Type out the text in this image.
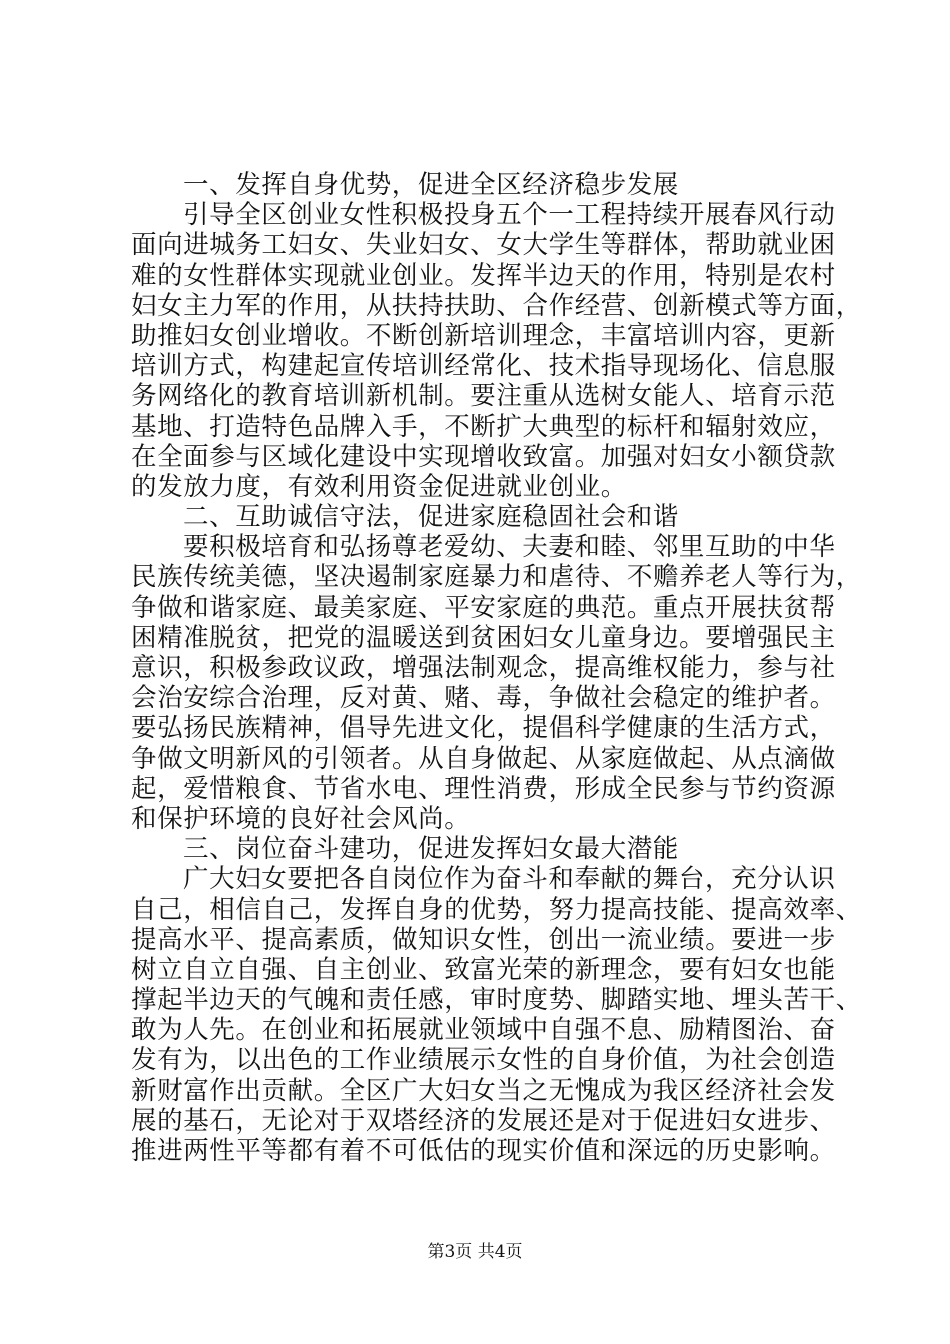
一、发挥自身优势，促进全区经济稳步发展
引导全区创业女性积极投身五个一工程持续开展春风行动
面向进城务工妇女、失业妇女、女大学生等群体，帮助就业困
难的女性群体实现就业创业。发挥半边天的作用，特别是农村
妇女主力军的作用，从扶持扶助、合作经营、创新模式等方面，
助推妇女创业增收。不断创新培训理念，丰富培训内容，更新
培训方式，构建起宣传培训经常化、技术指导现场化、信息服
务网络化的教育培训新机制。要注重从选树女能人、培育示范
基地、打造特色品牌入手，不断扩大典型的标杆和辐射效应，
在全面参与区域化建设中实现增收致富。加强对妇女小额贷款
的发放力度，有效利用资金促进就业创业。
二、互助诚信守法，促进家庭稳固社会和谐
要积极培育和弘扬尊老爱幼、夫妻和睦、邻里互助的中华
民族传统美德，坚决遏制家庭暴力和虐待、不赡养老人等行为，
争做和谐家庭、最美家庭、平安家庭的典范。重点开展扶贫帮
困精准脱贫，把党的温暖送到贫困妇女儿童身边。要增强民主
意识，积极参政议政，增强法制观念，提高维权能力，参与社
会治安综合治理，反对黄、赌、毒，争做社会稳定的维护者。
要弘扬民族精神，倡导先进文化，提倡科学健康的生活方式，
争做文明新风的引领者。从自身做起、从家庭做起、从点滴做
起，爱惜粮食、节省水电、理性消费，形成全民参与节约资源
和保护环境的良好社会风尚。
三、岗位奋斗建功，促进发挥妇女最大潜能
广大妇女要把各自岗位作为奋斗和奉献的舞台，充分认识
自己，相信自己，发挥自身的优势，努力提高技能、提高效率、
提高水平、提高素质，做知识女性，创出一流业绩。要进一步
树立自立自强、自主创业、致富光荣的新理念，要有妇女也能
撑起半边天的气魄和责任感，审时度势、脚踏实地、埋头苦干、
敢为人先。在创业和拓展就业领域中自强不息、励精图治、奋
发有为，以出色的工作业绩展示女性的自身价值，为社会创造
新财富作出贡献。全区广大妇女当之无愧成为我区经济社会发
展的基石，无论对于双塔经济的发展还是对于促进妇女进步、
推进两性平等都有着不可低估的现实价值和深远的历史影响。
第3页 共4页
